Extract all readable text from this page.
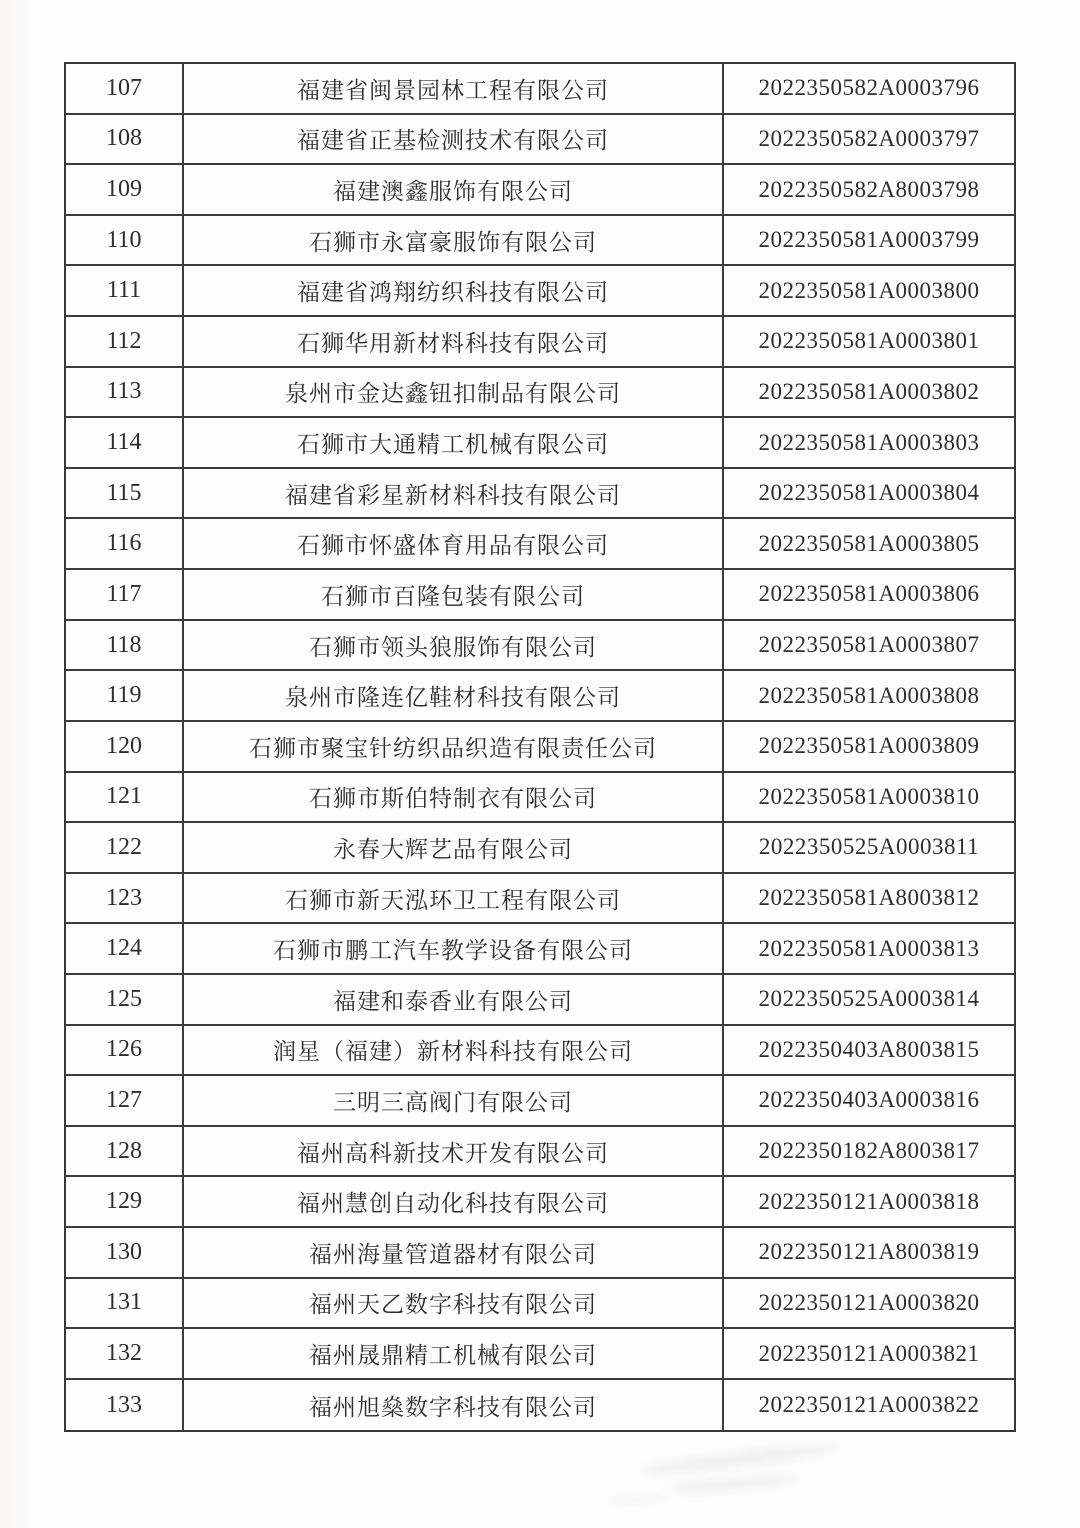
107	福建省闽景园林工程有限公司	2022350582A0003796
108	福建省正基检测技术有限公司	2022350582A0003797
109	福建澳鑫服饰有限公司	2022350582A8003798
110	石狮市永富豪服饰有限公司	2022350581A0003799
111	福建省鸿翔纺织科技有限公司	2022350581A0003800
112	石狮华用新材料科技有限公司	2022350581A0003801
113	泉州市金达鑫钮扣制品有限公司	2022350581A0003802
114	石狮市大通精工机械有限公司	2022350581A0003803
115	福建省彩星新材料科技有限公司	2022350581A0003804
116	石狮市怀盛体育用品有限公司	2022350581A0003805
117	石狮市百隆包装有限公司	2022350581A0003806
118	石狮市领头狼服饰有限公司	2022350581A0003807
119	泉州市隆连亿鞋材科技有限公司	2022350581A0003808
120	石狮市聚宝针纺织品织造有限责任公司	2022350581A0003809
121	石狮市斯伯特制衣有限公司	2022350581A0003810
122	永春大辉艺品有限公司	2022350525A0003811
123	石狮市新天泓环卫工程有限公司	2022350581A8003812
124	石狮市鹏工汽车教学设备有限公司	2022350581A0003813
125	福建和泰香业有限公司	2022350525A0003814
126	润星（福建）新材料科技有限公司	2022350403A8003815
127	三明三高阀门有限公司	2022350403A0003816
128	福州高科新技术开发有限公司	2022350182A8003817
129	福州慧创自动化科技有限公司	2022350121A0003818
130	福州海量管道器材有限公司	2022350121A8003819
131	福州天乙数字科技有限公司	2022350121A0003820
132	福州晟鼎精工机械有限公司	2022350121A0003821
133	福州旭燊数字科技有限公司	2022350121A0003822
